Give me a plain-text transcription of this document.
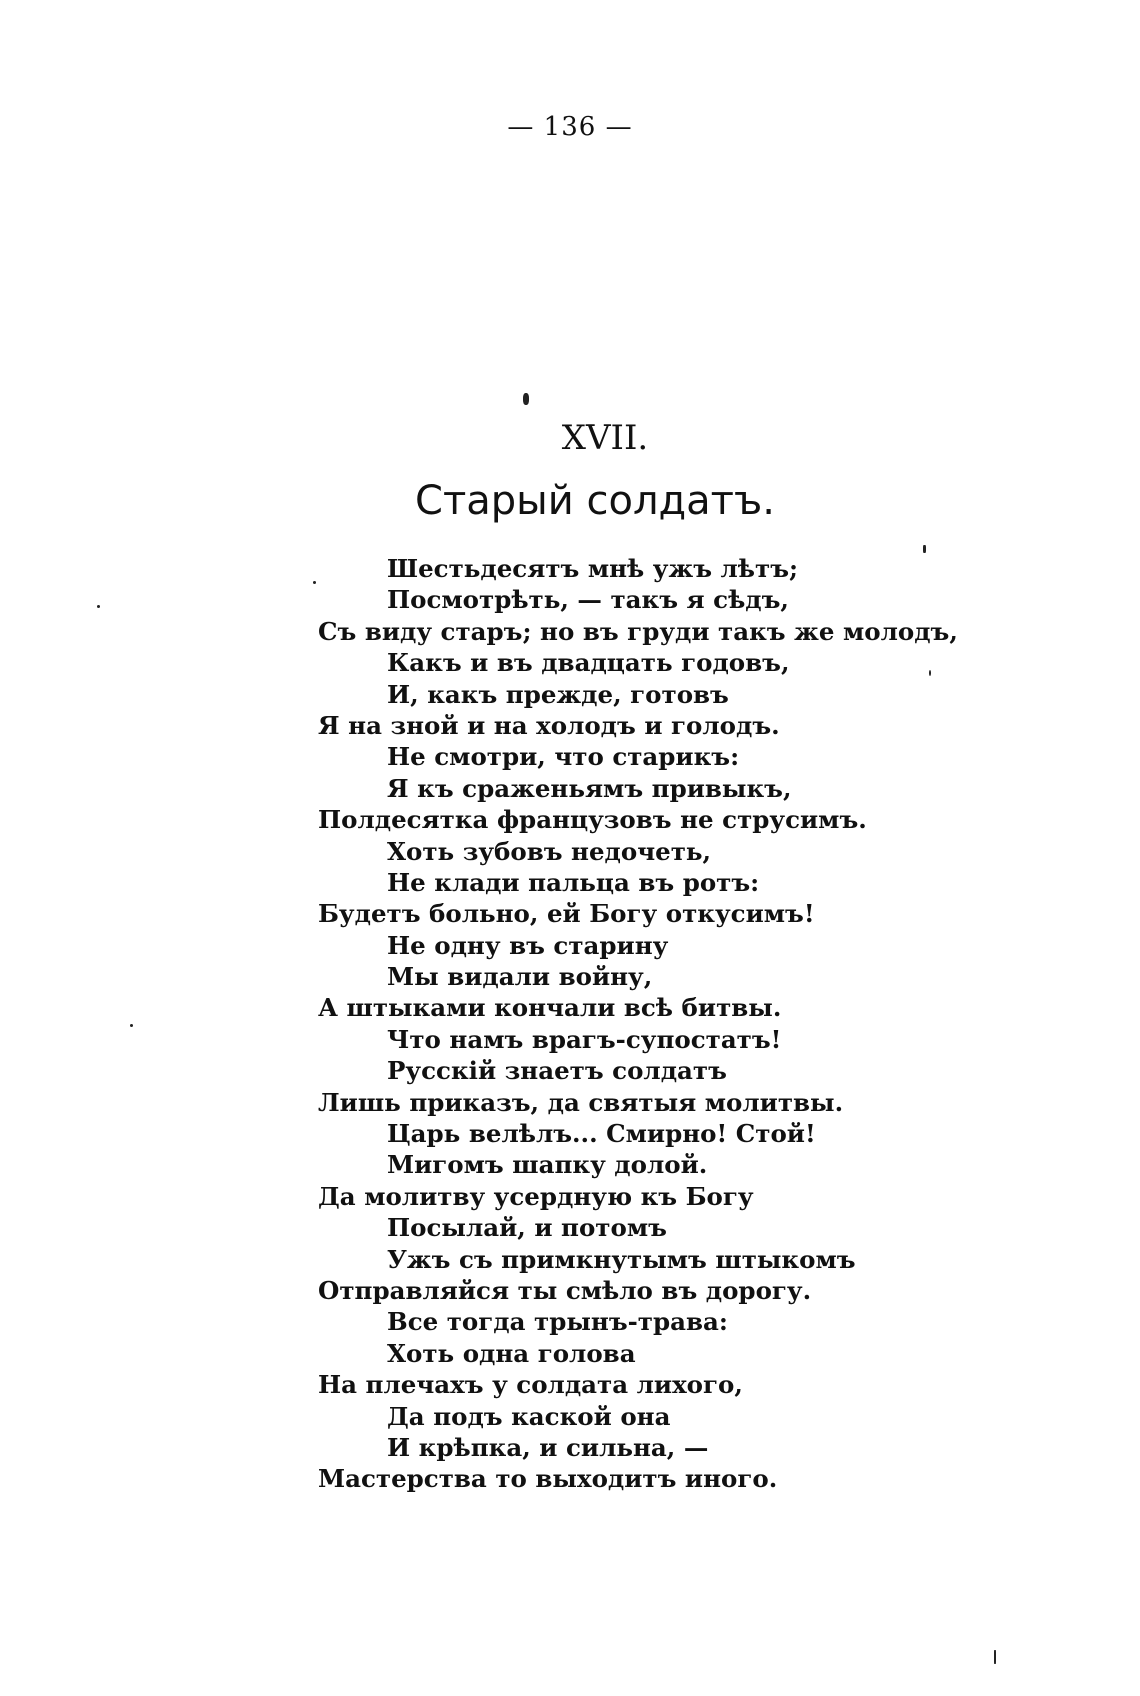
— 136 —
XVII.
Старый солдатъ.
Шестьдесятъ мнѣ ужъ лѣтъ;
Посмотрѣть, — такъ я сѣдъ,
Съ виду старъ; но въ груди такъ же молодъ,
Какъ и въ двадцать годовъ,
И, какъ прежде, готовъ
Я на зной и на холодъ и голодъ.
Не смотри, что старикъ:
Я къ сраженьямъ привыкъ,
Полдесятка французовъ не струсимъ.
Хоть зубовъ недочеть,
Не клади пальца въ ротъ:
Будетъ больно, ей Богу откусимъ!
Не одну въ старину
Мы видали войну,
А штыками кончали всѣ битвы.
Что намъ врагъ-супостатъ!
Русскій знаетъ солдатъ
Лишь приказъ, да святыя молитвы.
Царь велѣлъ... Смирно! Стой!
Мигомъ шапку долой.
Да молитву усердную къ Богу
Посылай, и потомъ
Ужъ съ примкнутымъ штыкомъ
Отправляйся ты смѣло въ дорогу.
Все тогда трынъ-трава:
Хоть одна голова
На плечахъ у солдата лихого,
Да подъ каской она
И крѣпка, и сильна, —
Мастерства то выходитъ иного.
